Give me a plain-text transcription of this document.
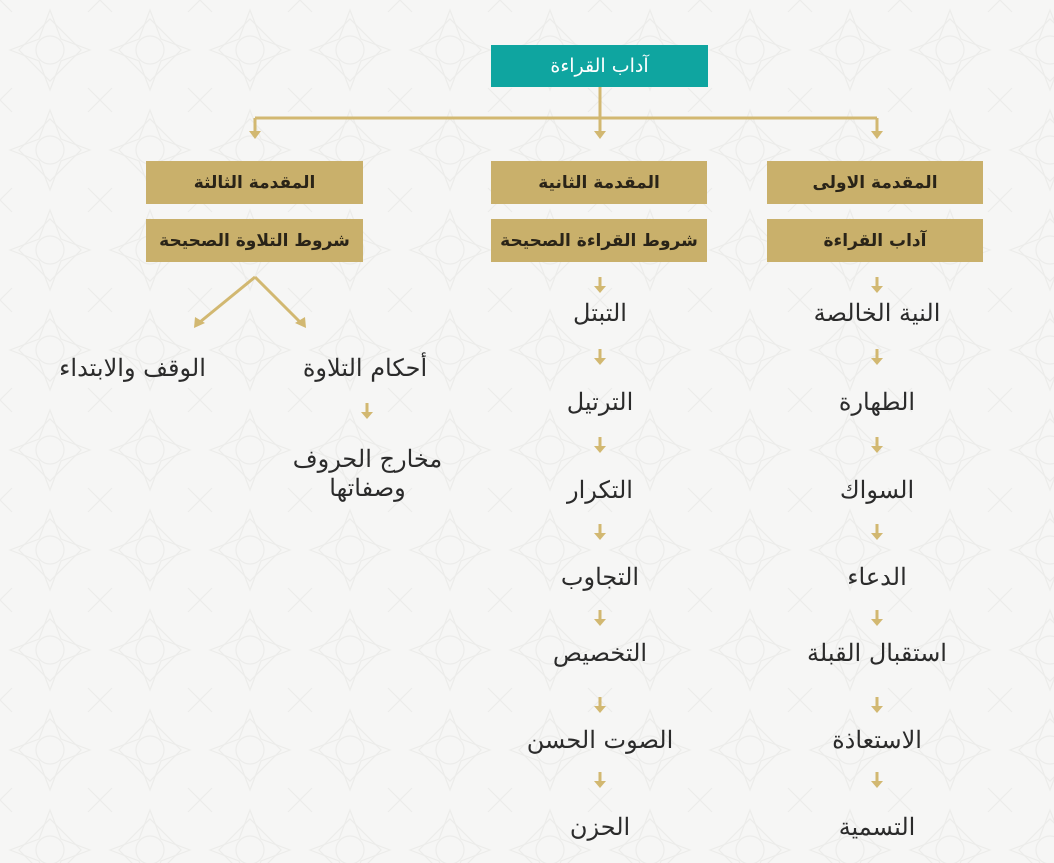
آداب القراءة
المقدمة الاولى
المقدمة الثانية
المقدمة الثالثة
آداب القراءة
شروط القراءة الصحيحة
شروط التلاوة الصحيحة
النية الخالصة
الطهارة
السواك
الدعاء
استقبال القبلة
الاستعاذة
التسمية
التبتل
الترتيل
التكرار
التجاوب
التخصيص
الصوت الحسن
الحزن
أحكام التلاوة
الوقف والابتداء
مخارج الحروف وصفاتها
